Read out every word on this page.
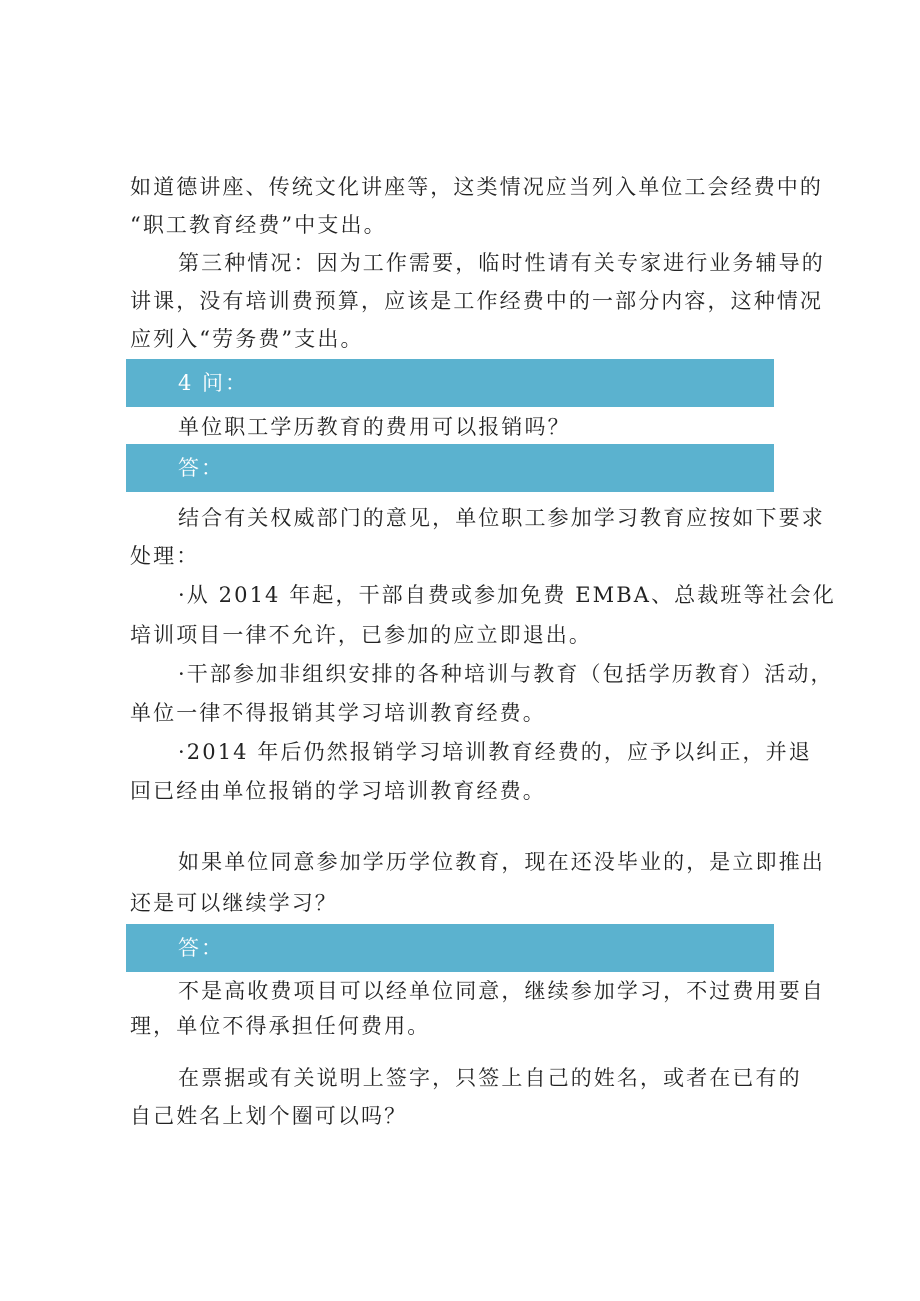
如道德讲座、传统文化讲座等，这类情况应当列入单位工会经费中的
“职工教育经费”中支出。
第三种情况：因为工作需要，临时性请有关专家进行业务辅导的
讲课，没有培训费预算，应该是工作经费中的一部分内容，这种情况
应列入“劳务费”支出。
4 问：
单位职工学历教育的费用可以报销吗？
答：
结合有关权威部门的意见，单位职工参加学习教育应按如下要求
处理：
·从 2014 年起，干部自费或参加免费 EMBA、总裁班等社会化
培训项目一律不允许，已参加的应立即退出。
·干部参加非组织安排的各种培训与教育（包括学历教育）活动，
单位一律不得报销其学习培训教育经费。
·2014 年后仍然报销学习培训教育经费的，应予以纠正，并退
回已经由单位报销的学习培训教育经费。
如果单位同意参加学历学位教育，现在还没毕业的，是立即推出
还是可以继续学习？
答：
不是高收费项目可以经单位同意，继续参加学习，不过费用要自
理，单位不得承担任何费用。
在票据或有关说明上签字，只签上自己的姓名，或者在已有的
自己姓名上划个圈可以吗？
